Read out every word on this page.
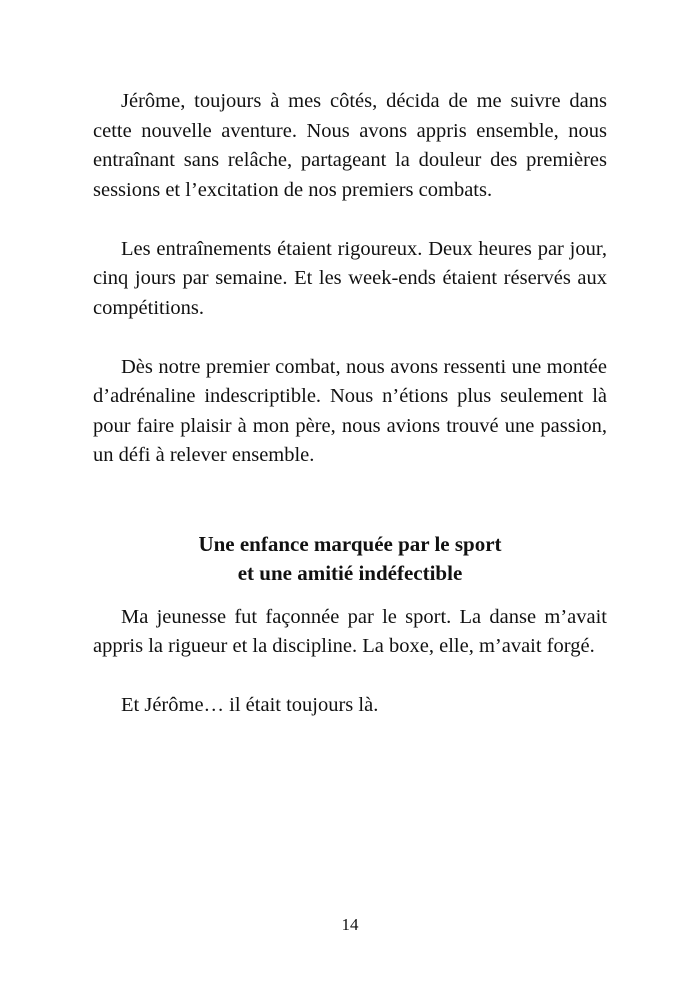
Jérôme, toujours à mes côtés, décida de me suivre dans cette nouvelle aventure. Nous avons appris ensemble, nous entraînant sans relâche, partageant la douleur des premières sessions et l’excitation de nos premiers combats.

Les entraînements étaient rigoureux. Deux heures par jour, cinq jours par semaine. Et les week-ends étaient réservés aux compétitions.

Dès notre premier combat, nous avons ressenti une montée d’adrénaline indescriptible. Nous n’étions plus seulement là pour faire plaisir à mon père, nous avions trouvé une passion, un défi à relever ensemble.

Une enfance marquée par le sport
et une amitié indéfectible

Ma jeunesse fut façonnée par le sport. La danse m’avait appris la rigueur et la discipline. La boxe, elle, m’avait forgé.

Et Jérôme… il était toujours là.

14
